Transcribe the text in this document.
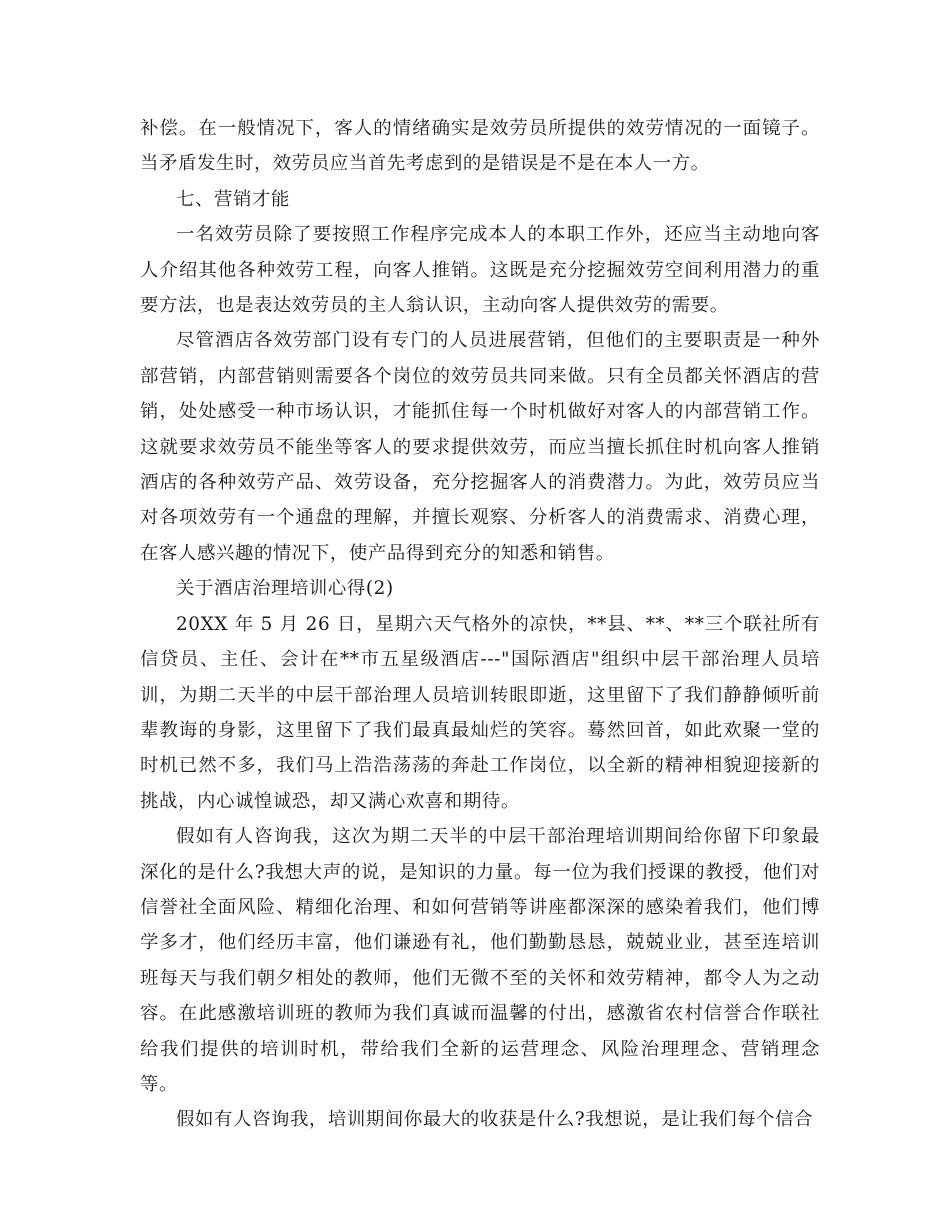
补偿。在一般情况下，客人的情绪确实是效劳员所提供的效劳情况的一面镜子。当矛盾发生时，效劳员应当首先考虑到的是错误是不是在本人一方。

七、营销才能

一名效劳员除了要按照工作程序完成本人的本职工作外，还应当主动地向客人介绍其他各种效劳工程，向客人推销。这既是充分挖掘效劳空间利用潜力的重要方法，也是表达效劳员的主人翁认识，主动向客人提供效劳的需要。

尽管酒店各效劳部门设有专门的人员进展营销，但他们的主要职责是一种外部营销，内部营销则需要各个岗位的效劳员共同来做。只有全员都关怀酒店的营销，处处感受一种市场认识，才能抓住每一个时机做好对客人的内部营销工作。这就要求效劳员不能坐等客人的要求提供效劳，而应当擅长抓住时机向客人推销酒店的各种效劳产品、效劳设备，充分挖掘客人的消费潜力。为此，效劳员应当对各项效劳有一个通盘的理解，并擅长观察、分析客人的消费需求、消费心理，在客人感兴趣的情况下，使产品得到充分的知悉和销售。

关于酒店治理培训心得(2)

20XX 年 5 月 26 日，星期六天气格外的凉快，**县、**、**三个联社所有信贷员、主任、会计在**市五星级酒店---"国际酒店"组织中层干部治理人员培训，为期二天半的中层干部治理人员培训转眼即逝，这里留下了我们静静倾听前辈教诲的身影，这里留下了我们最真最灿烂的笑容。蓦然回首，如此欢聚一堂的时机已然不多，我们马上浩浩荡荡的奔赴工作岗位，以全新的精神相貌迎接新的挑战，内心诚惶诚恐，却又满心欢喜和期待。

假如有人咨询我，这次为期二天半的中层干部治理培训期间给你留下印象最深化的是什么?我想大声的说，是知识的力量。每一位为我们授课的教授，他们对信誉社全面风险、精细化治理、和如何营销等讲座都深深的感染着我们，他们博学多才，他们经历丰富，他们谦逊有礼，他们勤勤恳恳，兢兢业业，甚至连培训班每天与我们朝夕相处的教师，他们无微不至的关怀和效劳精神，都令人为之动容。在此感激培训班的教师为我们真诚而温馨的付出，感激省农村信誉合作联社给我们提供的培训时机，带给我们全新的运营理念、风险治理理念、营销理念等。

假如有人咨询我，培训期间你最大的收获是什么?我想说，是让我们每个信合
